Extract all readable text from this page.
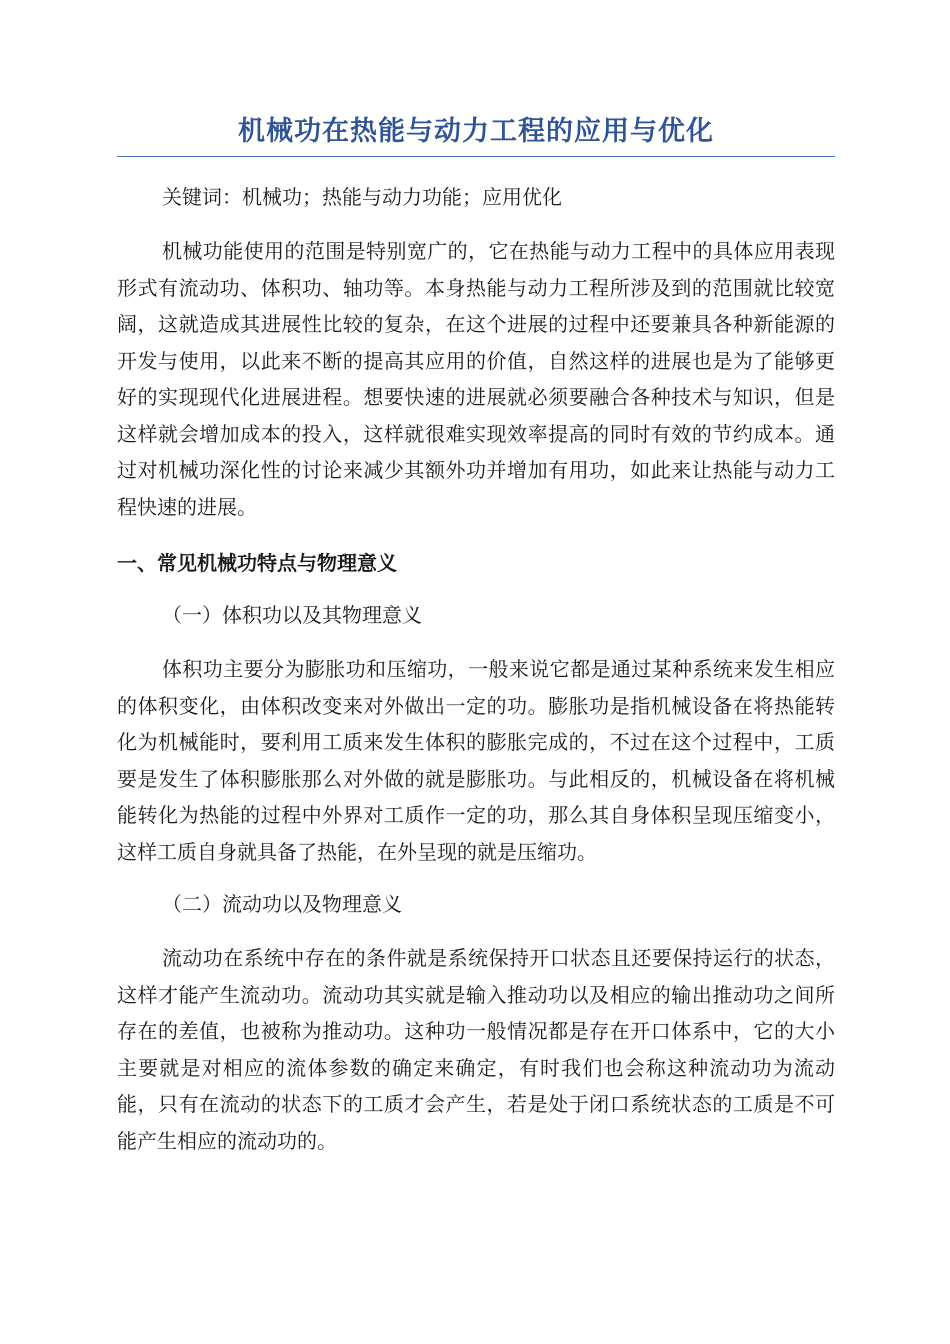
机械功在热能与动力工程的应用与优化

关键词：机械功；热能与动力功能；应用优化

机械功能使用的范围是特别宽广的，它在热能与动力工程中的具体应用表现形式有流动功、体积功、轴功等。本身热能与动力工程所涉及到的范围就比较宽阔，这就造成其进展性比较的复杂，在这个进展的过程中还要兼具各种新能源的开发与使用，以此来不断的提高其应用的价值，自然这样的进展也是为了能够更好的实现现代化进展进程。想要快速的进展就必须要融合各种技术与知识，但是这样就会增加成本的投入，这样就很难实现效率提高的同时有效的节约成本。通过对机械功深化性的讨论来减少其额外功并增加有用功，如此来让热能与动力工程快速的进展。

一、常见机械功特点与物理意义
（一）体积功以及其物理意义

体积功主要分为膨胀功和压缩功，一般来说它都是通过某种系统来发生相应的体积变化，由体积改变来对外做出一定的功。膨胀功是指机械设备在将热能转化为机械能时，要利用工质来发生体积的膨胀完成的，不过在这个过程中，工质要是发生了体积膨胀那么对外做的就是膨胀功。与此相反的，机械设备在将机械能转化为热能的过程中外界对工质作一定的功，那么其自身体积呈现压缩变小，这样工质自身就具备了热能，在外呈现的就是压缩功。

（二）流动功以及物理意义

流动功在系统中存在的条件就是系统保持开口状态且还要保持运行的状态，这样才能产生流动功。流动功其实就是输入推动功以及相应的输出推动功之间所存在的差值，也被称为推动功。这种功一般情况都是存在开口体系中，它的大小主要就是对相应的流体参数的确定来确定，有时我们也会称这种流动功为流动能，只有在流动的状态下的工质才会产生，若是处于闭口系统状态的工质是不可能产生相应的流动功的。
